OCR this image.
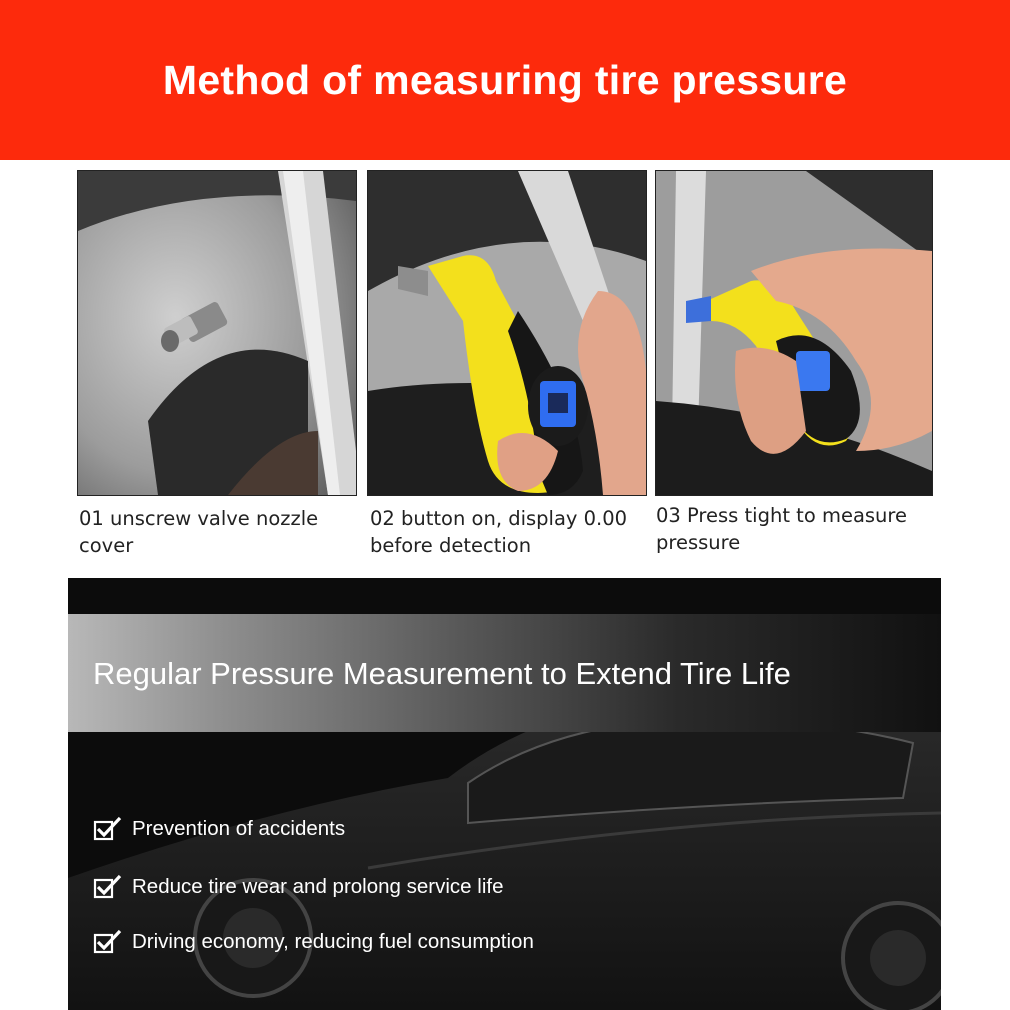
Method of measuring tire pressure
01 unscrew valve nozzle cover
02 button on, display 0.00 before detection
03 Press tight to measure pressure
Regular Pressure Measurement to Extend Tire Life
Prevention of accidents
Reduce tire wear and prolong service life
Driving economy, reducing fuel consumption
